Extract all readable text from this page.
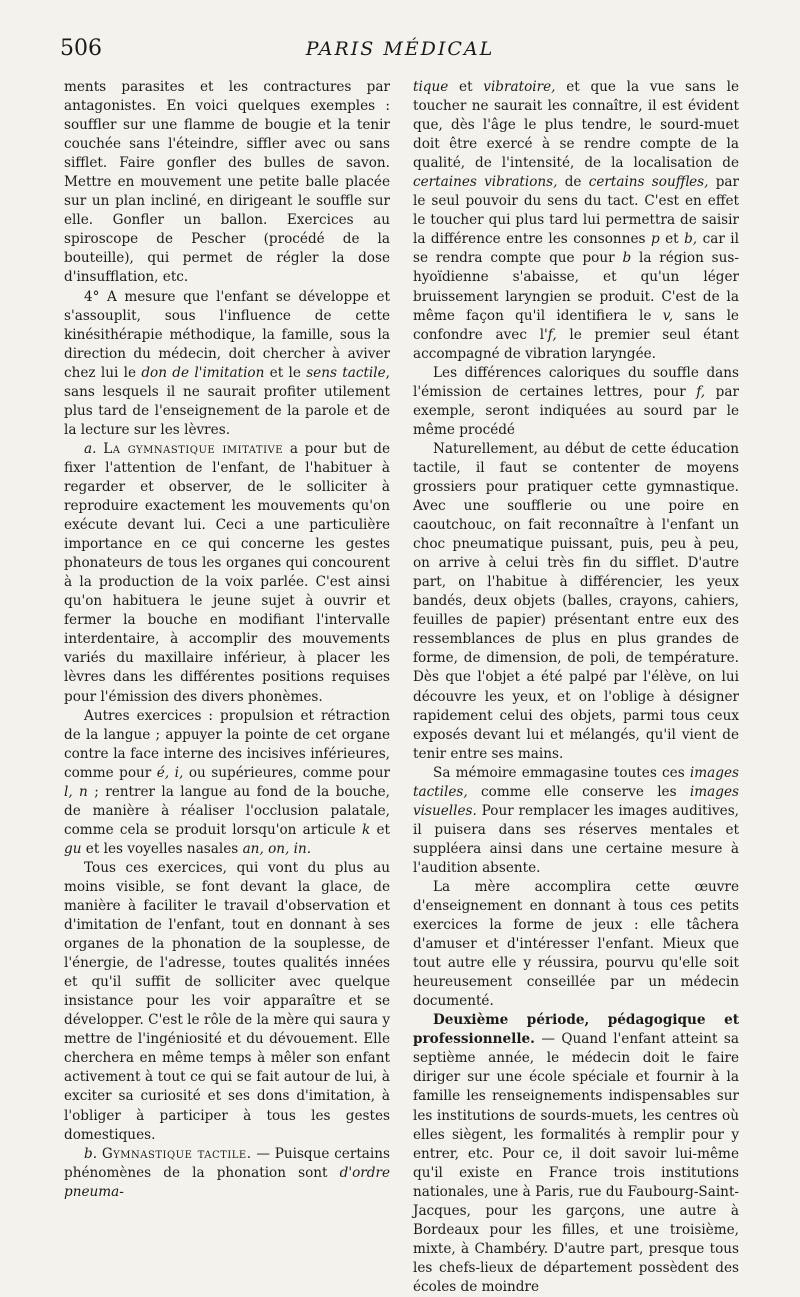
506	PARIS MÉDICAL

ments parasites et les contractures par antagonistes. En voici quelques exemples : souffler sur une flamme de bougie et la tenir couchée sans l'éteindre, siffler avec ou sans sifflet. Faire gonfler des bulles de savon. Mettre en mouvement une petite balle placée sur un plan incliné, en dirigeant le souffle sur elle. Gonfler un ballon. Exercices au spiroscope de Pescher (procédé de la bouteille), qui permet de régler la dose d'insufflation, etc.

4° A mesure que l'enfant se développe et s'assouplit, sous l'influence de cette kinésithérapie méthodique, la famille, sous la direction du médecin, doit chercher à aviver chez lui le don de l'imitation et le sens tactile, sans lesquels il ne saurait profiter utilement plus tard de l'enseignement de la parole et de la lecture sur les lèvres.

a. La gymnastique imitative a pour but de fixer l'attention de l'enfant, de l'habituer à regarder et observer, de le solliciter à reproduire exactement les mouvements qu'on exécute devant lui. Ceci a une particulière importance en ce qui concerne les gestes phonateurs de tous les organes qui concourent à la production de la voix parlée. C'est ainsi qu'on habituera le jeune sujet à ouvrir et fermer la bouche en modifiant l'intervalle interdentaire, à accomplir des mouvements variés du maxillaire inférieur, à placer les lèvres dans les différentes positions requises pour l'émission des divers phonèmes.

Autres exercices : propulsion et rétraction de la langue ; appuyer la pointe de cet organe contre la face interne des incisives inférieures, comme pour é, i, ou supérieures, comme pour l, n ; rentrer la langue au fond de la bouche, de manière à réaliser l'occlusion palatale, comme cela se produit lorsqu'on articule k et gu et les voyelles nasales an, on, in.

Tous ces exercices, qui vont du plus au moins visible, se font devant la glace, de manière à faciliter le travail d'observation et d'imitation de l'enfant, tout en donnant à ses organes de la phonation de la souplesse, de l'énergie, de l'adresse, toutes qualités innées et qu'il suffit de solliciter avec quelque insistance pour les voir apparaître et se développer. C'est le rôle de la mère qui saura y mettre de l'ingéniosité et du dévouement. Elle cherchera en même temps à mêler son enfant activement à tout ce qui se fait autour de lui, à exciter sa curiosité et ses dons d'imitation, à l'obliger à participer à tous les gestes domestiques.

b. Gymnastique tactile. — Puisque certains phénomènes de la phonation sont d'ordre pneuma-

tique et vibratoire, et que la vue sans le toucher ne saurait les connaître, il est évident que, dès l'âge le plus tendre, le sourd-muet doit être exercé à se rendre compte de la qualité, de l'intensité, de la localisation de certaines vibrations, de certains souffles, par le seul pouvoir du sens du tact. C'est en effet le toucher qui plus tard lui permettra de saisir la différence entre les consonnes p et b, car il se rendra compte que pour b la région sus-hyoïdienne s'abaisse, et qu'un léger bruissement laryngien se produit. C'est de la même façon qu'il identifiera le v, sans le confondre avec l'f, le premier seul étant accompagné de vibration laryngée.

Les différences caloriques du souffle dans l'émission de certaines lettres, pour f, par exemple, seront indiquées au sourd par le même procédé

Naturellement, au début de cette éducation tactile, il faut se contenter de moyens grossiers pour pratiquer cette gymnastique. Avec une soufflerie ou une poire en caoutchouc, on fait reconnaître à l'enfant un choc pneumatique puissant, puis, peu à peu, on arrive à celui très fin du sifflet. D'autre part, on l'habitue à différencier, les yeux bandés, deux objets (balles, crayons, cahiers, feuilles de papier) présentant entre eux des ressemblances de plus en plus grandes de forme, de dimension, de poli, de température. Dès que l'objet a été palpé par l'élève, on lui découvre les yeux, et on l'oblige à désigner rapidement celui des objets, parmi tous ceux exposés devant lui et mélangés, qu'il vient de tenir entre ses mains.

Sa mémoire emmagasine toutes ces images tactiles, comme elle conserve les images visuelles. Pour remplacer les images auditives, il puisera dans ses réserves mentales et suppléera ainsi dans une certaine mesure à l'audition absente.

La mère accomplira cette œuvre d'enseignement en donnant à tous ces petits exercices la forme de jeux : elle tâchera d'amuser et d'intéresser l'enfant. Mieux que tout autre elle y réussira, pourvu qu'elle soit heureusement conseillée par un médecin documenté.

Deuxième période, pédagogique et professionnelle. — Quand l'enfant atteint sa septième année, le médecin doit le faire diriger sur une école spéciale et fournir à la famille les renseignements indispensables sur les institutions de sourds-muets, les centres où elles siègent, les formalités à remplir pour y entrer, etc. Pour ce, il doit savoir lui-même qu'il existe en France trois institutions nationales, une à Paris, rue du Faubourg-Saint-Jacques, pour les garçons, une autre à Bordeaux pour les filles, et une troisième, mixte, à Chambéry. D'autre part, presque tous les chefs-lieux de département possèdent des écoles de moindre
